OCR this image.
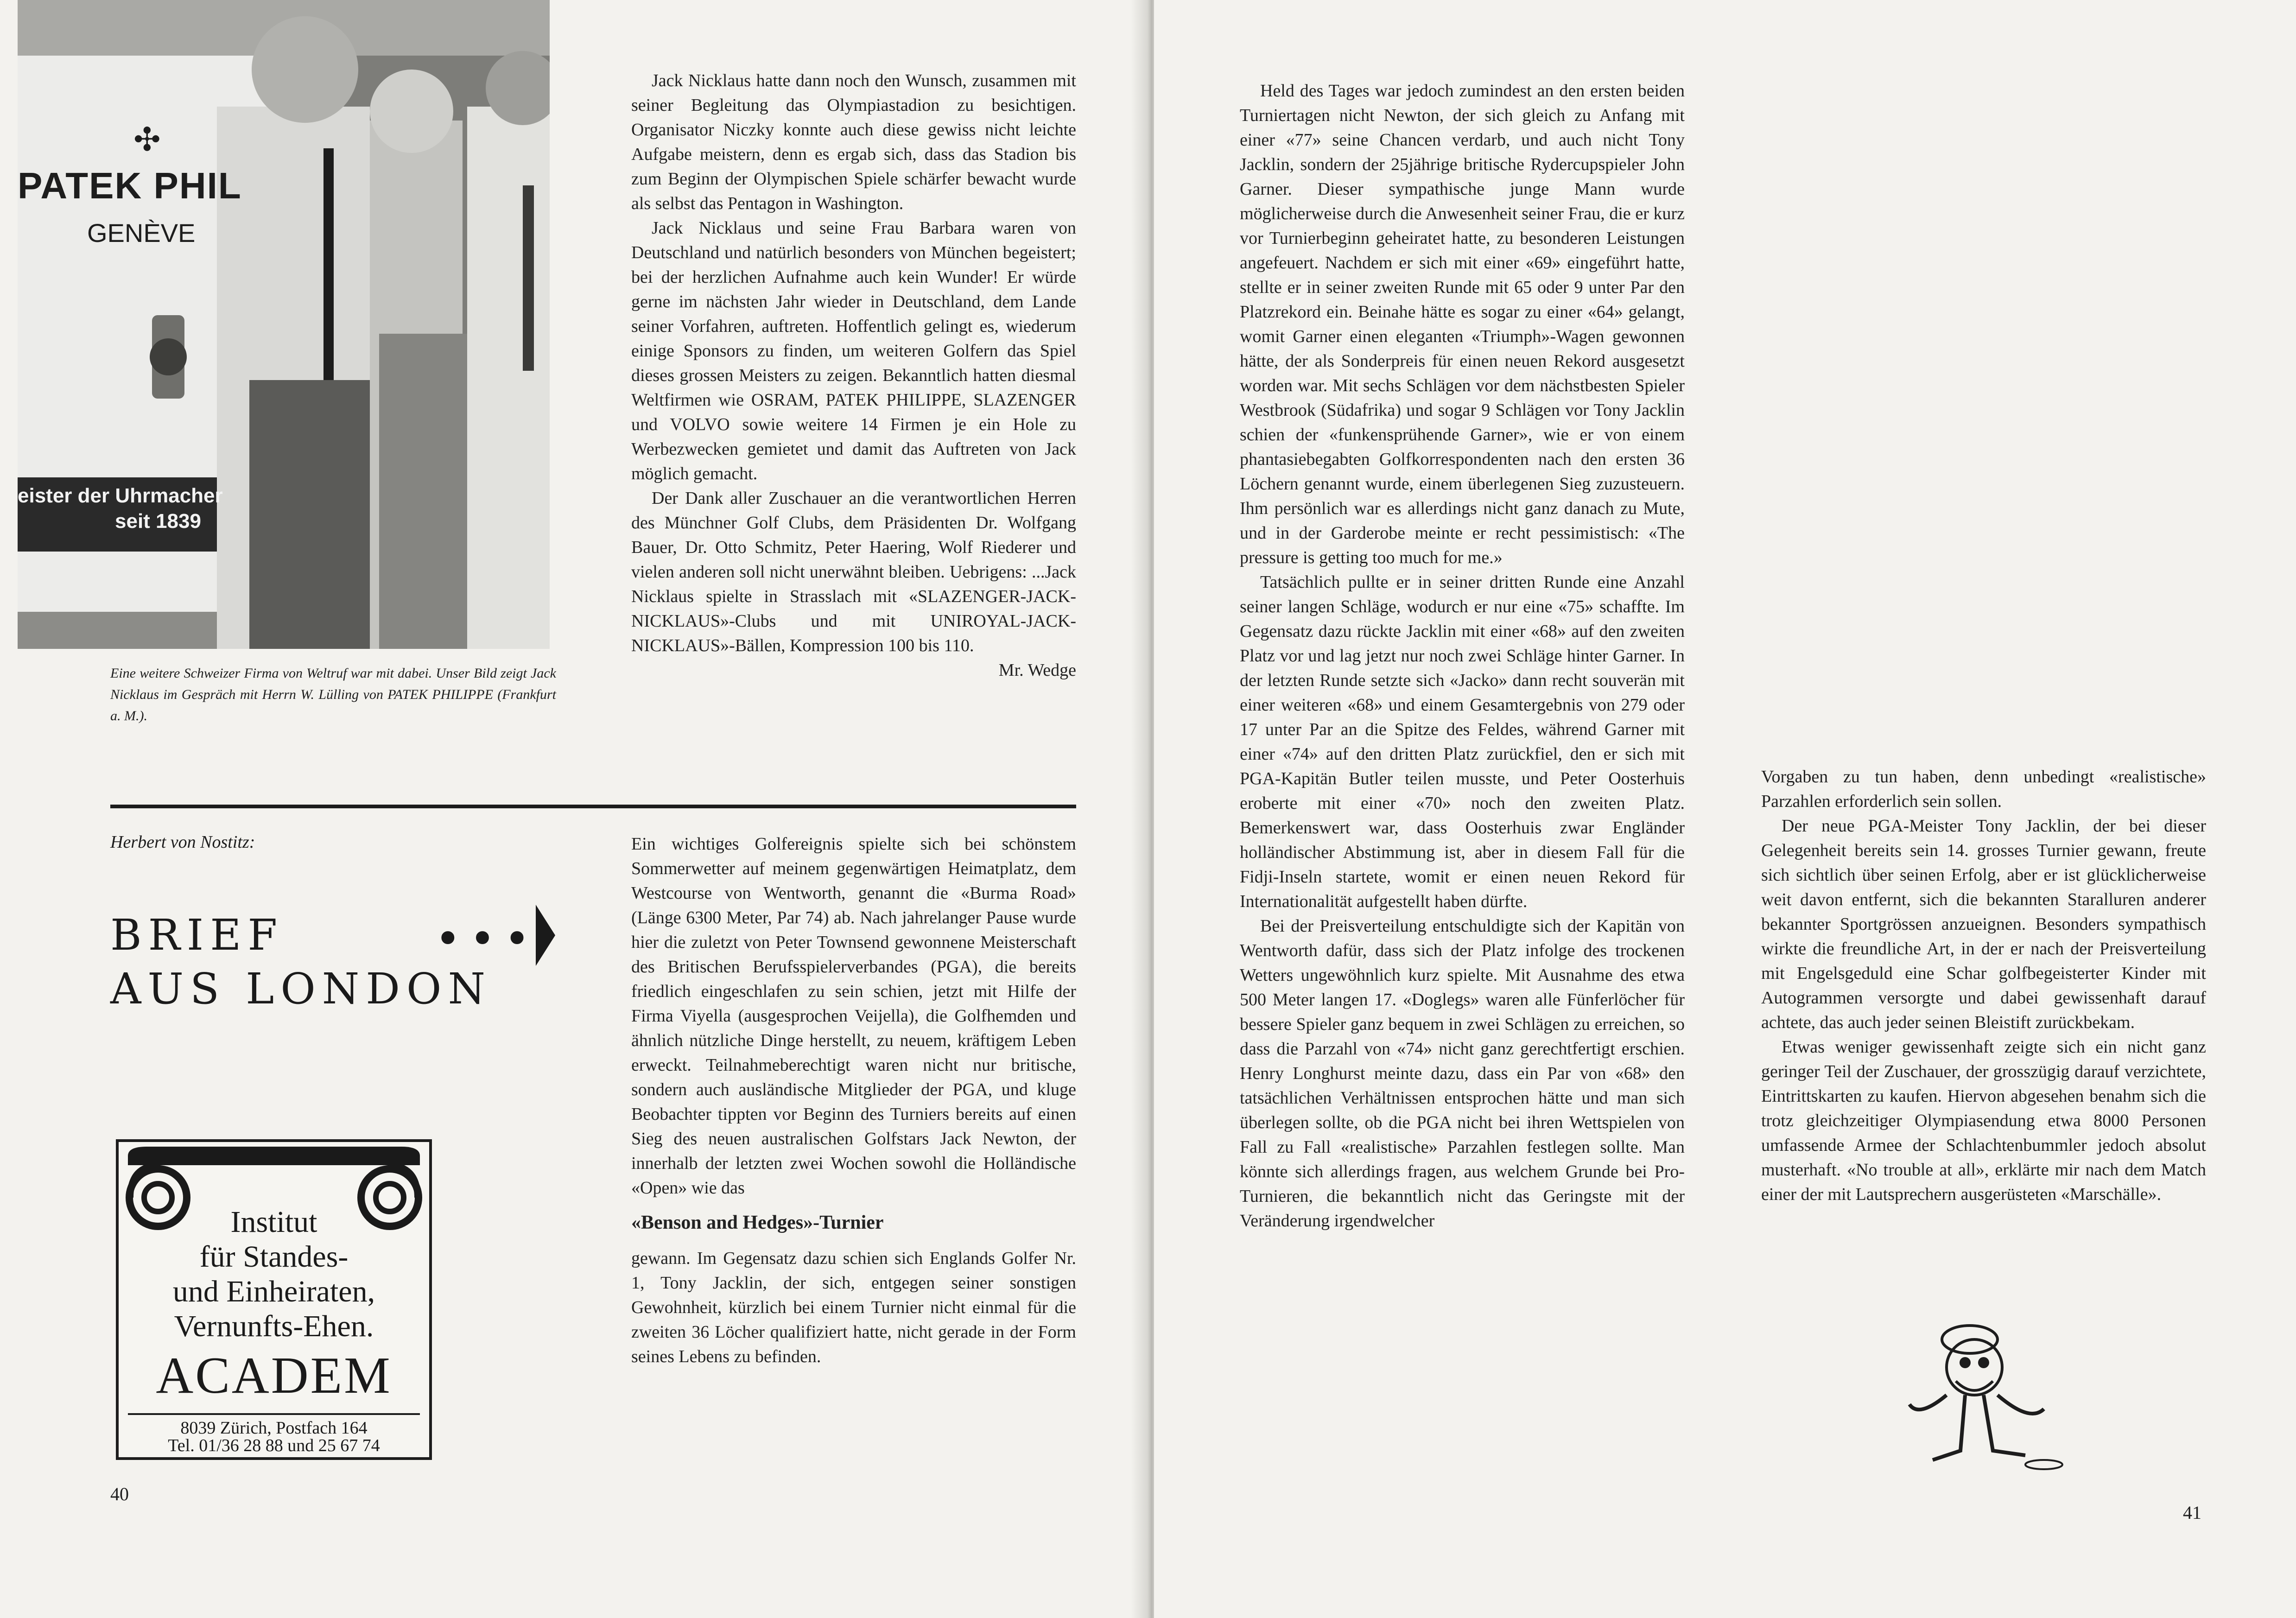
✣
PATEK PHIL
GENÈVE
eister der Uhrmacher
seit 1839
Eine weitere Schweizer Firma von Weltruf war mit dabei. Unser Bild zeigt Jack Nicklaus im Gespräch mit Herrn W. Lülling von PATEK PHILIPPE (Frankfurt a. M.).

Jack Nicklaus hatte dann noch den Wunsch, zusammen mit seiner Begleitung das Olympiastadion zu besichtigen. Organisator Niczky konnte auch diese gewiss nicht leichte Aufgabe meistern, denn es ergab sich, dass das Stadion bis zum Beginn der Olympischen Spiele schärfer bewacht wurde als selbst das Pentagon in Washington.

Jack Nicklaus und seine Frau Barbara waren von Deutschland und natürlich besonders von München begeistert; bei der herzlichen Aufnahme auch kein Wunder! Er würde gerne im nächsten Jahr wieder in Deutschland, dem Lande seiner Vorfahren, auftreten. Hoffentlich gelingt es, wiederum einige Sponsors zu finden, um weiteren Golfern das Spiel dieses grossen Meisters zu zeigen. Bekanntlich hatten diesmal Weltfirmen wie OSRAM, PATEK PHILIPPE, SLAZENGER und VOLVO sowie weitere 14 Firmen je ein Hole zu Werbezwecken gemietet und damit das Auftreten von Jack möglich gemacht.

Der Dank aller Zuschauer an die verantwortlichen Herren des Münchner Golf Clubs, dem Präsidenten Dr. Wolfgang Bauer, Dr. Otto Schmitz, Peter Haering, Wolf Riederer und vielen anderen soll nicht unerwähnt bleiben. Uebrigens: ...Jack Nicklaus spielte in Strasslach mit «SLAZENGER-JACK-NICKLAUS»-Clubs und mit UNIROYAL-JACK-NICKLAUS»-Bällen, Kompression 100 bis 110.

Mr. Wedge
Herbert von Nostitz:
BRIEF
AUS LONDON
•••
Institut
für Standes-
und Einheiraten,
Vernunfts-Ehen.
ACADEM
8039 Zürich, Postfach 164
Tel. 01/36 28 88 und 25 67 74

Ein wichtiges Golfereignis spielte sich bei schönstem Sommerwetter auf meinem gegenwärtigen Heimatplatz, dem Westcourse von Wentworth, genannt die «Burma Road» (Länge 6300 Meter, Par 74) ab. Nach jahrelanger Pause wurde hier die zuletzt von Peter Townsend gewonnene Meisterschaft des Britischen Berufsspielerverbandes (PGA), die bereits friedlich eingeschlafen zu sein schien, jetzt mit Hilfe der Firma Viyella (ausgesprochen Veijella), die Golfhemden und ähnlich nützliche Dinge herstellt, zu neuem, kräftigem Leben erweckt. Teilnahmeberechtigt waren nicht nur britische, sondern auch ausländische Mitglieder der PGA, und kluge Beobachter tippten vor Beginn des Turniers bereits auf einen Sieg des neuen australischen Golfstars Jack Newton, der innerhalb der letzten zwei Wochen sowohl die Holländische «Open» wie das

«Benson and Hedges»-Turnier

gewann. Im Gegensatz dazu schien sich Englands Golfer Nr. 1, Tony Jacklin, der sich, entgegen seiner sonstigen Gewohnheit, kürzlich bei einem Turnier nicht einmal für die zweiten 36 Löcher qualifiziert hatte, nicht gerade in der Form seines Lebens zu befinden.

40

Held des Tages war jedoch zumindest an den ersten beiden Turniertagen nicht Newton, der sich gleich zu Anfang mit einer «77» seine Chancen verdarb, und auch nicht Tony Jacklin, sondern der 25jährige britische Rydercupspieler John Garner. Dieser sympathische junge Mann wurde möglicherweise durch die Anwesenheit seiner Frau, die er kurz vor Turnierbeginn geheiratet hatte, zu besonderen Leistungen angefeuert. Nachdem er sich mit einer «69» eingeführt hatte, stellte er in seiner zweiten Runde mit 65 oder 9 unter Par den Platzrekord ein. Beinahe hätte es sogar zu einer «64» gelangt, womit Garner einen eleganten «Triumph»-Wagen gewonnen hätte, der als Sonderpreis für einen neuen Rekord ausgesetzt worden war. Mit sechs Schlägen vor dem nächstbesten Spieler Westbrook (Südafrika) und sogar 9 Schlägen vor Tony Jacklin schien der «funkensprühende Garner», wie er von einem phantasiebegabten Golfkorrespondenten nach den ersten 36 Löchern genannt wurde, einem überlegenen Sieg zuzusteuern. Ihm persönlich war es allerdings nicht ganz danach zu Mute, und in der Garderobe meinte er recht pessimistisch: «The pressure is getting too much for me.»

Tatsächlich pullte er in seiner dritten Runde eine Anzahl seiner langen Schläge, wodurch er nur eine «75» schaffte. Im Gegensatz dazu rückte Jacklin mit einer «68» auf den zweiten Platz vor und lag jetzt nur noch zwei Schläge hinter Garner. In der letzten Runde setzte sich «Jacko» dann recht souverän mit einer weiteren «68» und einem Gesamtergebnis von 279 oder 17 unter Par an die Spitze des Feldes, während Garner mit einer «74» auf den dritten Platz zurückfiel, den er sich mit PGA-Kapitän Butler teilen musste, und Peter Oosterhuis eroberte mit einer «70» noch den zweiten Platz. Bemerkenswert war, dass Oosterhuis zwar Engländer holländischer Abstimmung ist, aber in diesem Fall für die Fidji-Inseln startete, womit er einen neuen Rekord für Internationalität aufgestellt haben dürfte.

Bei der Preisverteilung entschuldigte sich der Kapitän von Wentworth dafür, dass sich der Platz infolge des trockenen Wetters ungewöhnlich kurz spielte. Mit Ausnahme des etwa 500 Meter langen 17. «Doglegs» waren alle Fünferlöcher für bessere Spieler ganz bequem in zwei Schlägen zu erreichen, so dass die Parzahl von «74» nicht ganz gerechtfertigt erschien. Henry Longhurst meinte dazu, dass ein Par von «68» den tatsächlichen Verhältnissen entsprochen hätte und man sich überlegen sollte, ob die PGA nicht bei ihren Wettspielen von Fall zu Fall «realistische» Parzahlen festlegen sollte. Man könnte sich allerdings fragen, aus welchem Grunde bei Pro-Turnieren, die bekanntlich nicht das Geringste mit der Veränderung irgendwelcher

Vorgaben zu tun haben, denn unbedingt «realistische» Parzahlen erforderlich sein sollen.

Der neue PGA-Meister Tony Jacklin, der bei dieser Gelegenheit bereits sein 14. grosses Turnier gewann, freute sich sichtlich über seinen Erfolg, aber er ist glücklicherweise weit davon entfernt, sich die bekannten Staralluren anderer bekannter Sportgrössen anzueignen. Besonders sympathisch wirkte die freundliche Art, in der er nach der Preisverteilung mit Engelsgeduld eine Schar golfbegeisterter Kinder mit Autogrammen versorgte und dabei gewissenhaft darauf achtete, das auch jeder seinen Bleistift zurückbekam.

Etwas weniger gewissenhaft zeigte sich ein nicht ganz geringer Teil der Zuschauer, der grosszügig darauf verzichtete, Eintrittskarten zu kaufen. Hiervon abgesehen benahm sich die trotz gleichzeitiger Olympiasendung etwa 8000 Personen umfassende Armee der Schlachtenbummler jedoch absolut musterhaft. «No trouble at all», erklärte mir nach dem Match einer der mit Lautsprechern ausgerüsteten «Marschälle».

41
